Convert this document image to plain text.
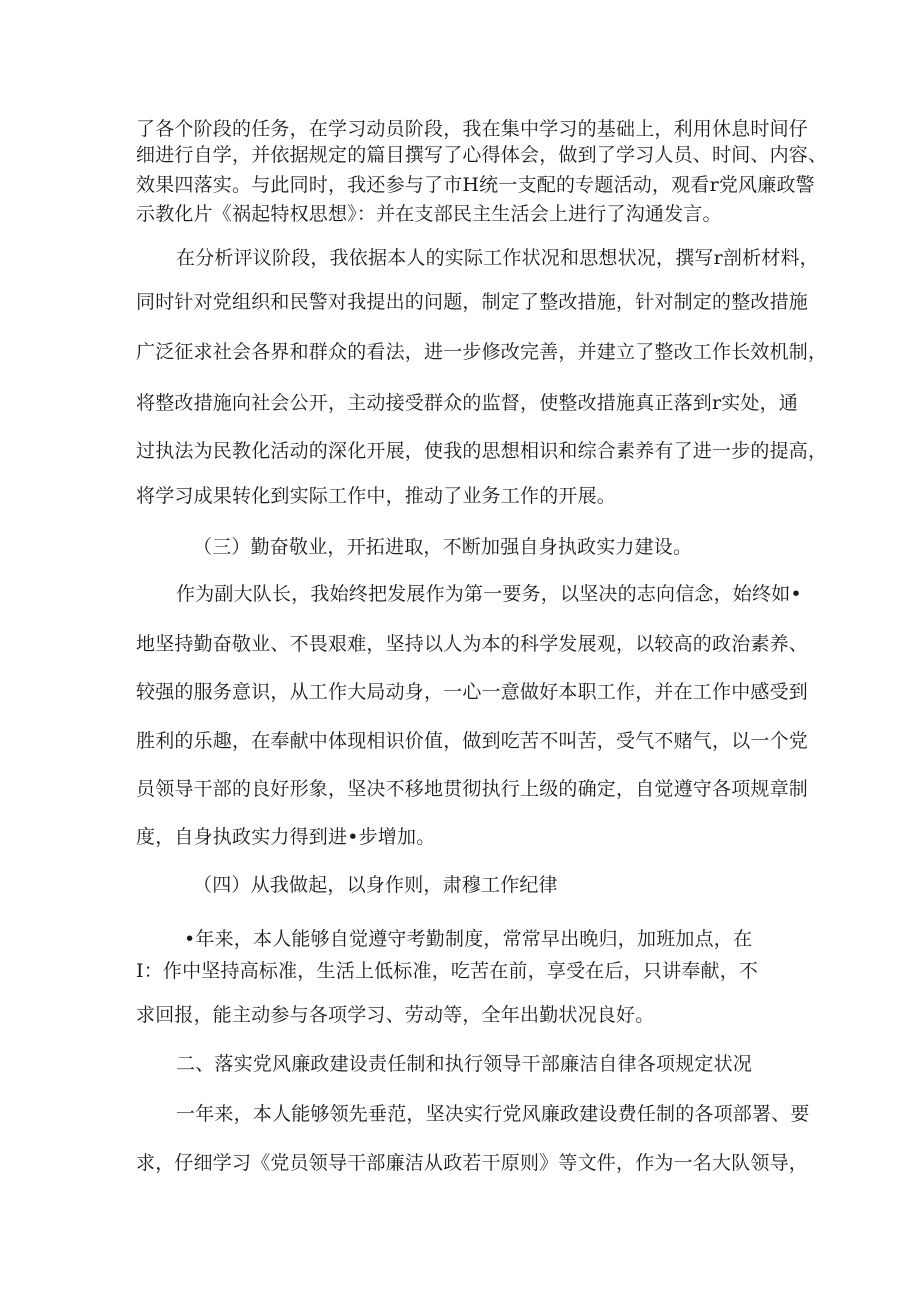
了各个阶段的任务，在学习动员阶段，我在集中学习的基础上，利用休息时间仔
细进行自学，并依据规定的篇目撰写了心得体会，做到了学习人员、时间、内容、
效果四落实。与此同时，我还参与了市H统一支配的专题活动，观看r党风廉政警
示教化片《祸起特权思想》：并在支部民主生活会上进行了沟通发言。
在分析评议阶段，我依据本人的实际工作状况和思想状况，撰写r剖析材料，
同时针对党组织和民警对我提出的问题，制定了整改措施，针对制定的整改措施
广泛征求社会各界和群众的看法，进一步修改完善，并建立了整改工作长效机制，
将整改措施向社会公开，主动接受群众的监督，使整改措施真正落到r实处，通
过执法为民教化活动的深化开展，使我的思想相识和综合素养有了进一步的提高，
将学习成果转化到实际工作中，推动了业务工作的开展。
（三）勤奋敬业，开拓进取，不断加强自身执政实力建设。
作为副大队长，我始终把发展作为第一要务，以坚决的志向信念，始终如•
地坚持勤奋敬业、不畏艰难，坚持以人为本的科学发展观，以较高的政治素养、
较强的服务意识，从工作大局动身，一心一意做好本职工作，并在工作中感受到
胜利的乐趣，在奉献中体现相识价值，做到吃苦不叫苦，受气不赌气，以一个党
员领导干部的良好形象，坚决不移地贯彻执行上级的确定，自觉遵守各项规章制
度，自身执政实力得到进•步增加。
（四）从我做起，以身作则，肃穆工作纪律
•年来，本人能够自觉遵守考勤制度，常常早出晚归，加班加点，在
I：作中坚持高标准，生活上低标准，吃苦在前，享受在后，只讲奉献，不
求回报，能主动参与各项学习、劳动等，全年出勤状况良好。
二、落实党风廉政建设责任制和执行领导干部廉洁自律各项规定状况
一年来，本人能够领先垂范，坚决实行党风廉政建设费任制的各项部署、要
求，仔细学习《党员领导干部廉洁从政若干原则》等文件，作为一名大队领导，
